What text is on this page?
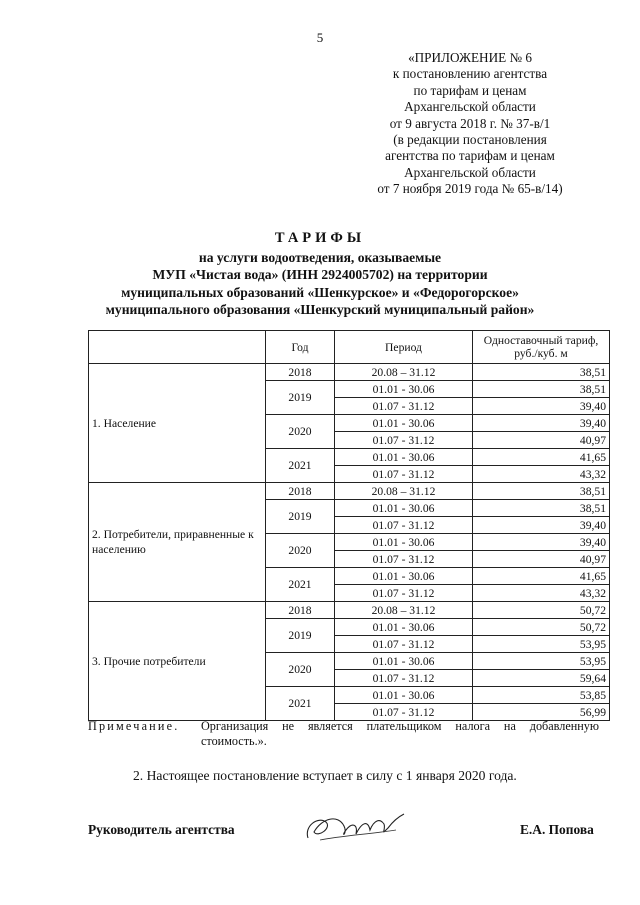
5
«ПРИЛОЖЕНИЕ № 6
к постановлению агентства
по тарифам и ценам
Архангельской области
от 9 августа 2018 г. № 37-в/1
(в редакции постановления
агентства по тарифам и ценам
Архангельской области
от 7 ноября 2019 года № 65-в/14)
ТАРИФЫ
на услуги водоотведения, оказываемые
МУП «Чистая вода» (ИНН 2924005702) на территории
муниципальных образований «Шенкурское» и «Федорогорское»
муниципального образования «Шенкурский муниципальный район»
	Год	Период	Одноставочный тариф, руб./куб. м
1. Население	2018	20.08 – 31.12	38,51
	2019	01.01 - 30.06	38,51
		01.07 - 31.12	39,40
	2020	01.01 - 30.06	39,40
		01.07 - 31.12	40,97
	2021	01.01 - 30.06	41,65
		01.07 - 31.12	43,32
2. Потребители, приравненные к населению	2018	20.08 – 31.12	38,51
	2019	01.01 - 30.06	38,51
		01.07 - 31.12	39,40
	2020	01.01 - 30.06	39,40
		01.07 - 31.12	40,97
	2021	01.01 - 30.06	41,65
		01.07 - 31.12	43,32
3. Прочие потребители	2018	20.08 – 31.12	50,72
	2019	01.01 - 30.06	50,72
		01.07 - 31.12	53,95
	2020	01.01 - 30.06	53,95
		01.07 - 31.12	59,64
	2021	01.01 - 30.06	53,85
		01.07 - 31.12	56,99
Примечание. Организация не является плательщиком налога на добавленную стоимость.».
2. Настоящее постановление вступает в силу с 1 января 2020 года.
Руководитель агентства	Е.А. Попова
